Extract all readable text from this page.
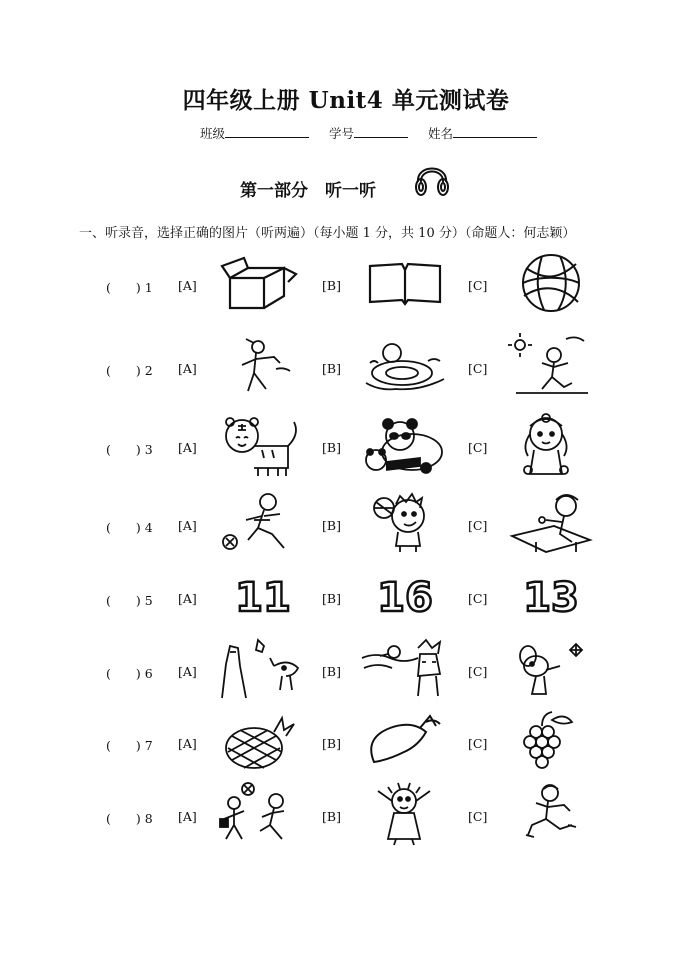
四年级上册 Unit4 单元测试卷
班级	学号	姓名
第一部分　听一听
一、听录音，选择正确的图片（听两遍）（每小题 1 分，共 10 分）（命题人：何志颖）
(　　) 1 [A]	[B]	[C]
(　　) 2 [A]	[B]	[C]
(　　) 3 [A]	[B]	[C]
(　　) 4 [A]	[B]	[C]
(　　) 5 [A] 11 [B] 16	[C] 13
(　　) 6 [A]	[B]	[C]
(　　) 7 [A]	[B]	[C]
(　　) 8 [A]	[B]	[C]
